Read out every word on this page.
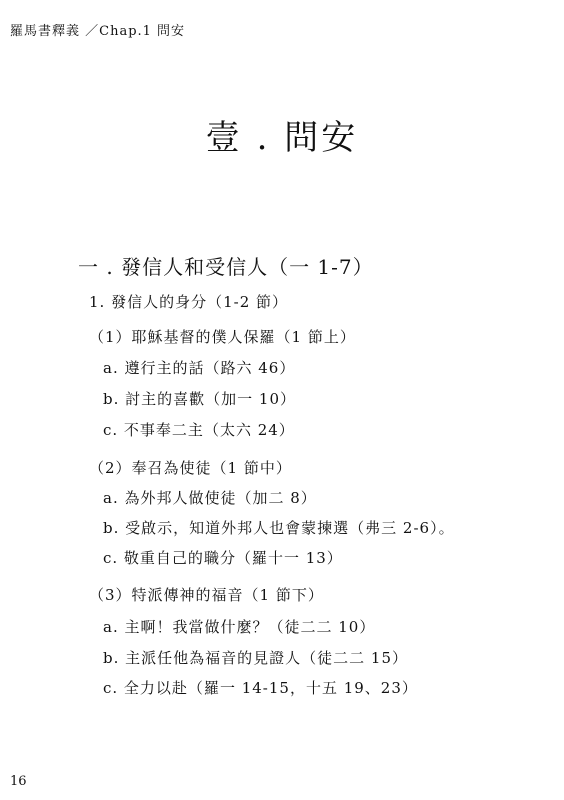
羅馬書釋義 ／Chap.1 問安
壹 . 問安
一 . 發信人和受信人（一 1-7）
1. 發信人的身分（1-2 節）
（1）耶穌基督的僕人保羅（1 節上）
a. 遵行主的話（路六 46）
b. 討主的喜歡（加一 10）
c. 不事奉二主（太六 24）
（2）奉召為使徒（1 節中）
a. 為外邦人做使徒（加二 8）
b. 受啟示，知道外邦人也會蒙揀選（弗三 2-6）。
c. 敬重自己的職分（羅十一 13）
（3）特派傳神的福音（1 節下）
a. 主啊！我當做什麼？（徒二二 10）
b. 主派任他為福音的見證人（徒二二 15）
c. 全力以赴（羅一 14-15，十五 19、23）
16
